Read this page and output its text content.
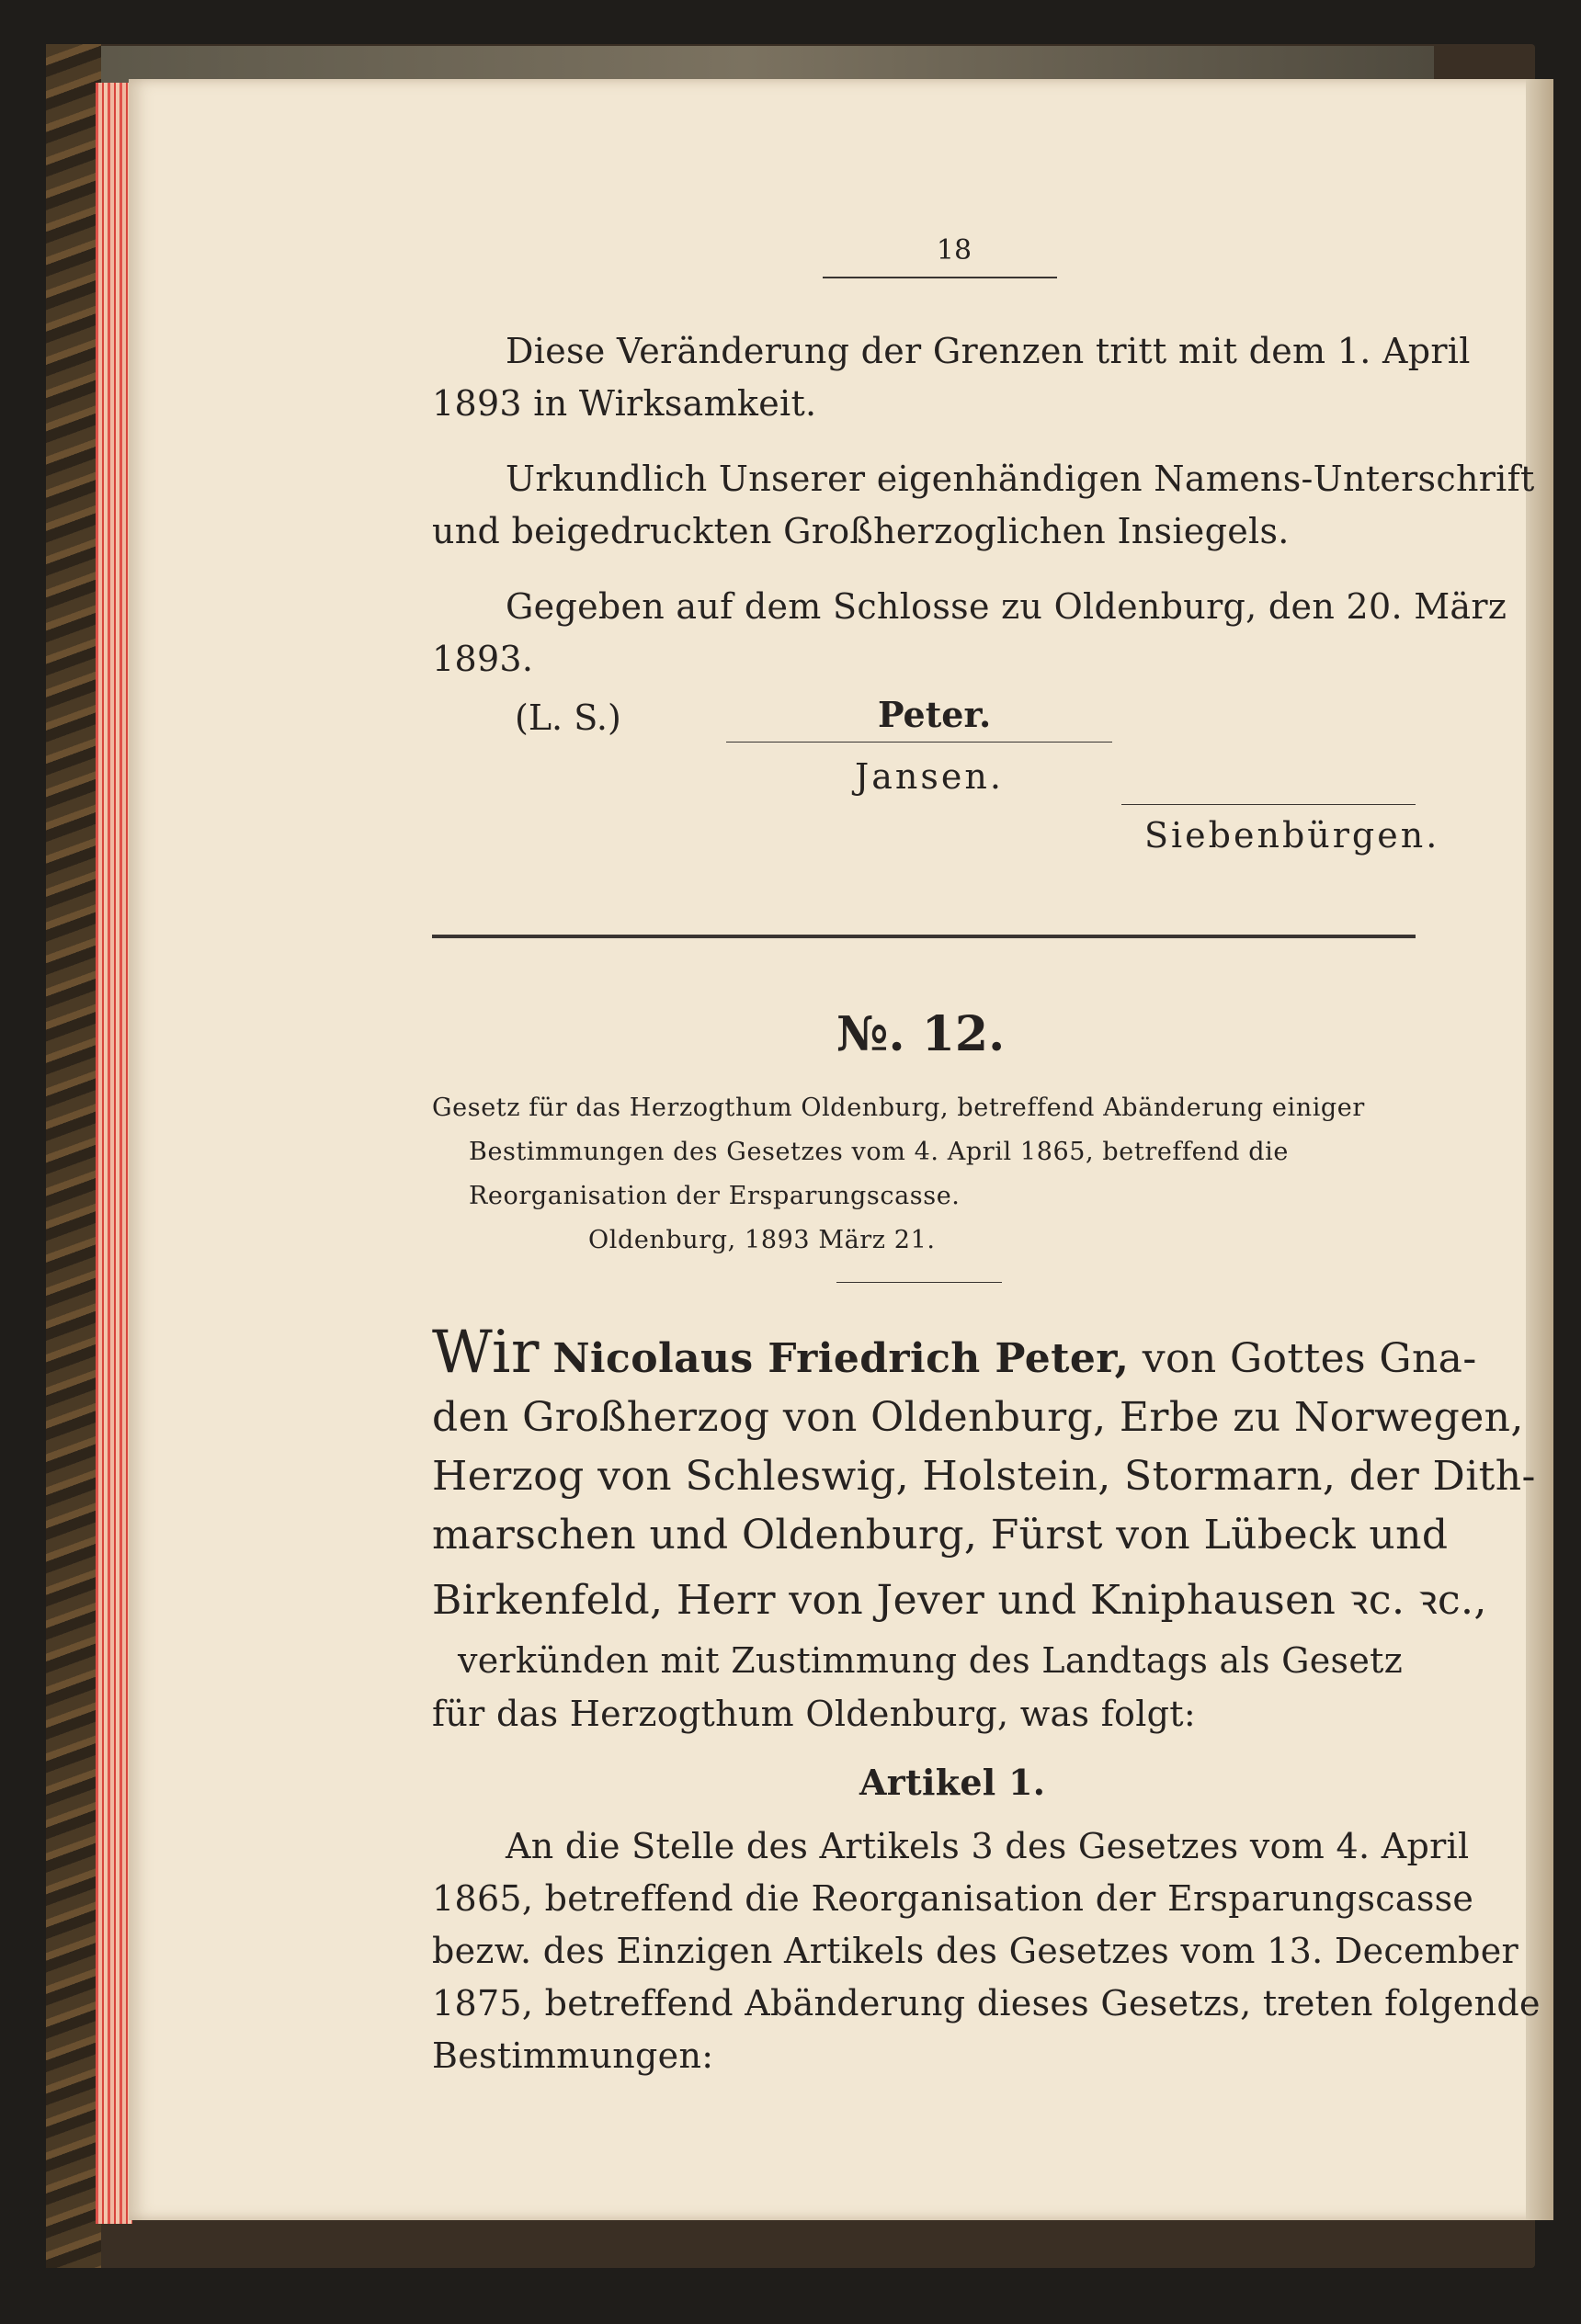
18
Diese Veränderung der Grenzen tritt mit dem 1. April
1893 in Wirksamkeit.
Urkundlich Unserer eigenhändigen Namens-Unterschrift
und beigedruckten Großherzoglichen Insiegels.
Gegeben auf dem Schlosse zu Oldenburg, den 20. März
1893.
(L. S.)	Peter.
Jansen.
Siebenbürgen.
№. 12.
Gesetz für das Herzogthum Oldenburg, betreffend Abänderung einiger
Bestimmungen des Gesetzes vom 4. April 1865, betreffend die
Reorganisation der Ersparungscasse.
Oldenburg, 1893 März 21.
Wir Nicolaus Friedrich Peter, von Gottes Gna-
den Großherzog von Oldenburg, Erbe zu Norwegen,
Herzog von Schleswig, Holstein, Stormarn, der Dith-
marschen und Oldenburg, Fürst von Lübeck und
Birkenfeld, Herr von Jever und Kniphausen ꝛc. ꝛc.,
verkünden mit Zustimmung des Landtags als Gesetz
für das Herzogthum Oldenburg, was folgt:
Artikel 1.
An die Stelle des Artikels 3 des Gesetzes vom 4. April
1865, betreffend die Reorganisation der Ersparungscasse
bezw. des Einzigen Artikels des Gesetzes vom 13. December
1875, betreffend Abänderung dieses Gesetzs, treten folgende
Bestimmungen:
